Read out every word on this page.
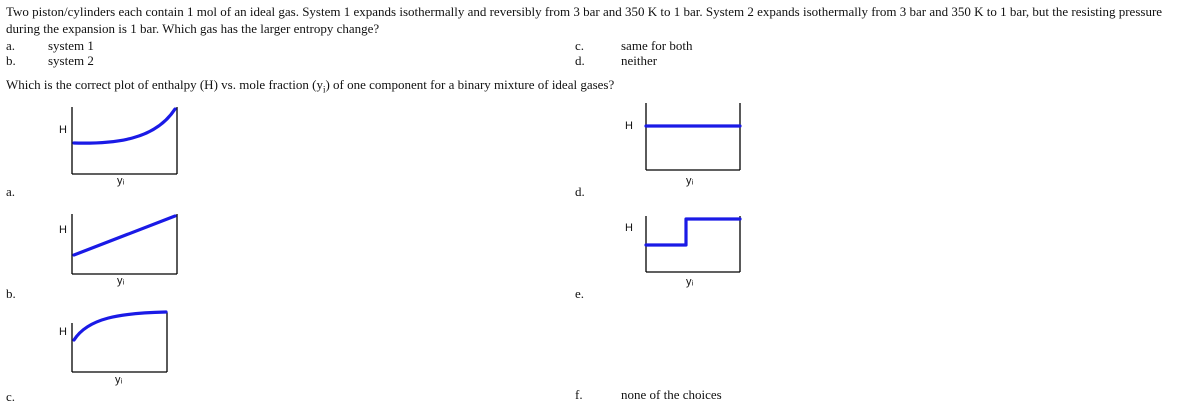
Two piston/cylinders each contain 1 mol of an ideal gas. System 1 expands isothermally and reversibly from 3 bar and 350 K to 1 bar. System 2 expands isothermally from 3 bar and 350 K to 1 bar, but the resisting pressure during the expansion is 1 bar. Which gas has the larger entropy change?
a.	system 1
b. system 2
c.	same for both
d.	neither
Which is the correct plot of enthalpy (H) vs. mole fraction $(y_i)$ of one component for a binary mixture of ideal gases?
a.
H
yᵢ
b.
H
yᵢ
c.
H
yᵢ
d.
H
yᵢ
e.
H
yᵢ
f.	none of the choices
